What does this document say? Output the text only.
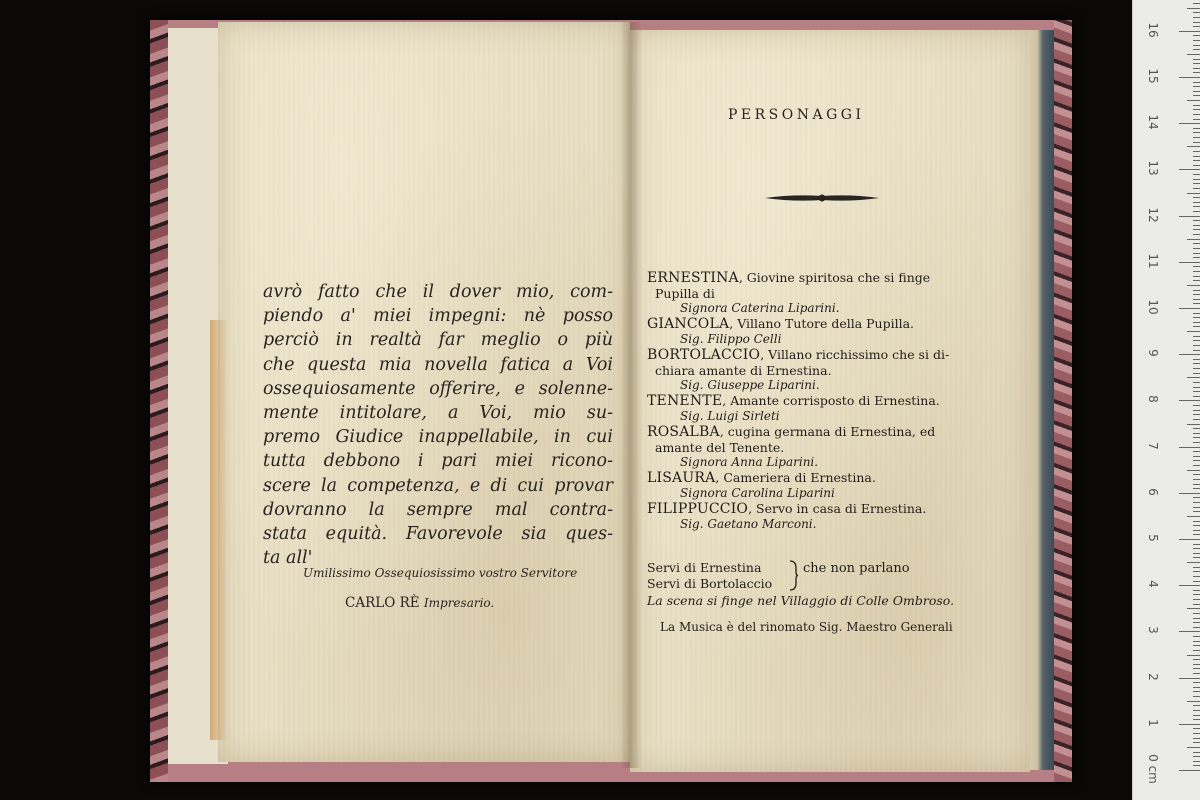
avrò fatto che il dover mio, com-
piendo a' miei impegni: nè posso
perciò in realtà far meglio o più
che questa mia novella fatica a Voi
ossequiosamente offerire, e solenne-
mente intitolare, a Voi, mio su-
premo Giudice inappellabile, in cui
tutta debbono i pari miei ricono-
scere la competenza, e di cui provar
dovranno la sempre mal contra-
stata equità. Favorevole sia ques-
ta all'
Umilissimo Ossequiosissimo vostro Servitore
CARLO RÈ Impresario.
PERSONAGGI
ERNESTINA, Giovine spiritosa che si finge
Pupilla di
Signora Caterina Liparini.
GIANCOLA, Villano Tutore della Pupilla.
Sig. Filippo Celli
BORTOLACCIO, Villano ricchissimo che si di-
chiara amante di Ernestina.
Sig. Giuseppe Liparini.
TENENTE, Amante corrisposto di Ernestina.
Sig. Luigi Sirleti
ROSALBA, cugina germana di Ernestina, ed
amante del Tenente.
Signora Anna Liparini.
LISAURA, Cameriera di Ernestina.
Signora Carolina Liparini
FILIPPUCCIO, Servo in casa di Ernestina.
Sig. Gaetano Marconi.
Servi di Ernestina
Servi di Bortolaccio
che non parlano
La scena si finge nel Villaggio di Colle Ombroso.
La Musica è del rinomato Sig. Maestro Generali
0 cm
1
2
3
4
5
6
7
8
9
10
11
12
13
14
15
16
